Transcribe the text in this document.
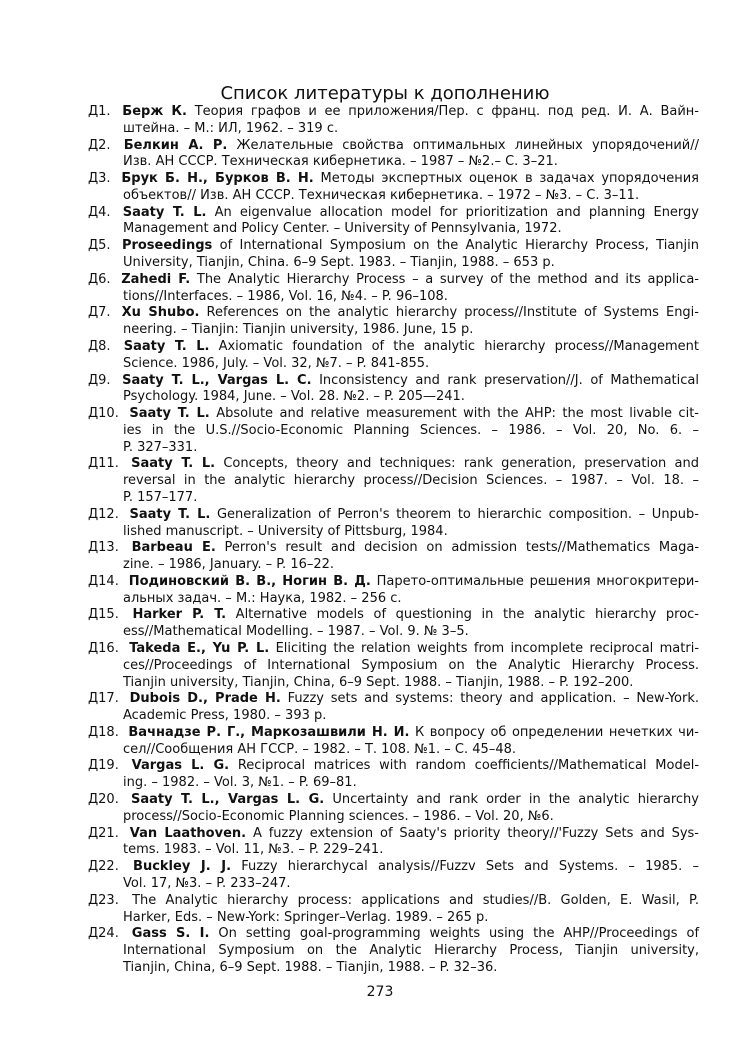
Список литературы к дополнению
Д1. Берж К. Теория графов и ее приложения/Пер. с франц. под ред. И. А. Вайн-
штейна. – М.: ИЛ, 1962. – 319 с.
Д2. Белкин А. Р. Желательные свойства оптимальных линейных упорядочений//
Изв. АН СССР. Техническая кибернетика. – 1987 – №2.– С. 3–21.
Д3. Брук Б. Н., Бурков В. Н. Методы экспертных оценок в задачах упорядочения
объектов// Изв. АН СССР. Техническая кибернетика. – 1972 – №3. – С. 3–11.
Д4. Saaty T. L. An eigenvalue allocation model for prioritization and planning Energy
Management and Policy Center. – University of Pennsylvania, 1972.
Д5. Proseedings of International Symposium on the Analytic Hierarchy Process, Tianjin
University, Tianjin, China. 6–9 Sept. 1983. – Tianjin, 1988. – 653 p.
Д6. Zahedi F. The Analytic Hierarchy Process – a survey of the method and its applica-
tions//Interfaces. – 1986, Vol. 16, №4. – P. 96–108.
Д7. Xu Shubo. References on the analytic hierarchy process//Institute of Systems Engi-
neering. – Tianjin: Tianjin university, 1986. June, 15 p.
Д8. Saaty T. L. Axiomatic foundation of the analytic hierarchy process//Management
Science. 1986, July. – Vol. 32, №7. – P. 841-855.
Д9. Saaty T. L., Vargas L. C. Inconsistency and rank preservation//J. of Mathematical
Psychology. 1984, June. – Vol. 28. №2. – P. 205—241.
Д10. Saaty T. L. Absolute and relative measurement with the AHP: the most livable cit-
ies in the U.S.//Socio-Economic Planning Sciences. – 1986. – Vol. 20, No. 6. –
P. 327–331.
Д11. Saaty T. L. Concepts, theory and techniques: rank generation, preservation and
reversal in the analytic hierarchy process//Decision Sciences. – 1987. – Vol. 18. –
P. 157–177.
Д12. Saaty T. L. Generalization of Perron's theorem to hierarchic composition. – Unpub-
lished manuscript. – University of Pittsburg, 1984.
Д13. Barbeau E. Perron's result and decision on admission tests//Mathematics Maga-
zine. – 1986, January. – P. 16–22.
Д14. Подиновский В. В., Ногин В. Д. Парето-оптимальные решения многокритери-
альных задач. – М.: Наука, 1982. – 256 с.
Д15. Harker P. T. Alternative models of questioning in the analytic hierarchy proc-
ess//Mathematical Modelling. – 1987. – Vol. 9. № 3–5.
Д16. Takeda E., Yu P. L. Eliciting the relation weights from incomplete reciprocal matri-
ces//Proceedings of International Symposium on the Analytic Hierarchy Process.
Tianjin university, Tianjin, China, 6–9 Sept. 1988. – Tianjin, 1988. – P. 192–200.
Д17. Dubois D., Prade H. Fuzzy sets and systems: theory and application. – New-York.
Academic Press, 1980. – 393 p.
Д18. Вачнадзе Р. Г., Маркозашвили Н. И. К вопросу об определении нечетких чи-
сел//Сообщения АН ГССР. – 1982. – Т. 108. №1. – С. 45–48.
Д19. Vargas L. G. Reciprocal matrices with random coefficients//Mathematical Model-
ing. – 1982. – Vol. 3, №1. – P. 69–81.
Д20. Saaty T. L., Vargas L. G. Uncertainty and rank order in the analytic hierarchy
process//Socio-Economic Planning sciences. – 1986. – Vol. 20, №6.
Д21. Van Laathoven. A fuzzy extension of Saaty's priority theory//'Fuzzy Sets and Sys-
tems. 1983. – Vol. 11, №3. – P. 229–241.
Д22. Buckley J. J. Fuzzy hierarchycal analysis//Fuzzv Sets and Systems. – 1985. –
Vol. 17, №3. – P. 233–247.
Д23. The Analytic hierarchy process: applications and studies//B. Golden, E. Wasil, P.
Harker, Eds. – New-York: Springer–Verlag. 1989. – 265 p.
Д24. Gass S. I. On setting goal-programming weights using the AHP//Proceedings of
International Symposium on the Analytic Hierarchy Process, Tianjin university,
Tianjin, China, 6–9 Sept. 1988. – Tianjin, 1988. – P. 32–36.
273
